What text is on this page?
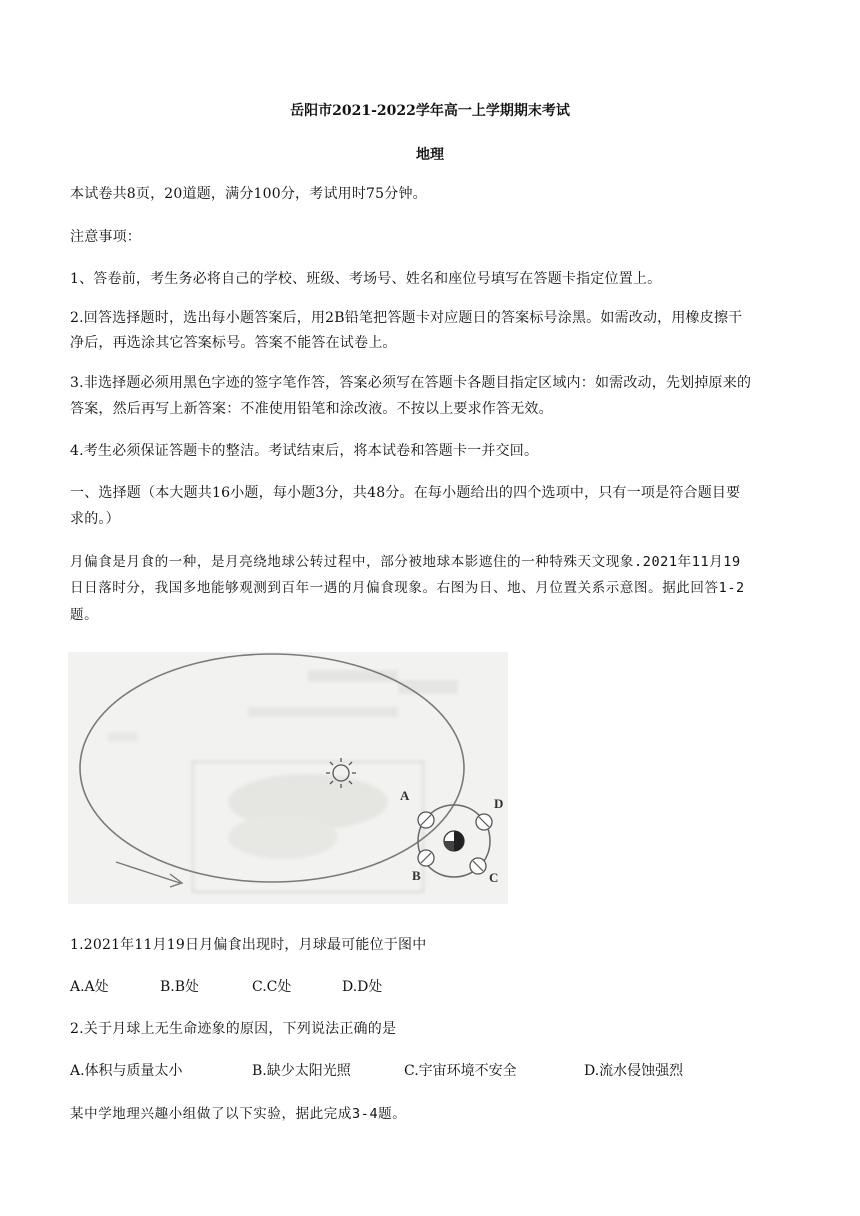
岳阳市2021-2022学年高一上学期期末考试
地理
本试卷共8页，20道题，满分100分，考试用时75分钟。
注意事项：
1、答卷前，考生务必将自己的学校、班级、考场号、姓名和座位号填写在答题卡指定位置上。
2.回答选择题时，选出每小题答案后，用2B铅笔把答题卡对应题日的答案标号涂黑。如需改动，用橡皮擦干
净后，再选涂其它答案标号。答案不能答在试卷上。
3.非选择题必须用黑色字迹的签字笔作答，答案必须写在答题卡各题目指定区域内：如需改动，先划掉原来的
答案，然后再写上新答案：不准使用铅笔和涂改液。不按以上要求作答无效。
4.考生必须保证答题卡的整洁。考试结束后，将本试卷和答题卡一并交回。
一、选择题（本大题共16小题，每小题3分，共48分。在每小题给出的四个选项中，只有一项是符合题目要
求的。）
月偏食是月食的一种，是月亮绕地球公转过程中，部分被地球本影遮住的一种特殊天文现象.2021年11月19
日日落时分，我国多地能够观测到百年一遇的月偏食现象。右图为日、地、月位置关系示意图。据此回答1-2
题。
A
D
B	C
1.2021年11月19日月偏食出现时，月球最可能位于图中
A.A处	B.B处	C.C处	D.D处
2.关于月球上无生命迹象的原因，下列说法正确的是
A.体积与质量太小	B.缺少太阳光照	C.宇宙环境不安全	D.流水侵蚀强烈
某中学地理兴趣小组做了以下实验，据此完成3-4题。
